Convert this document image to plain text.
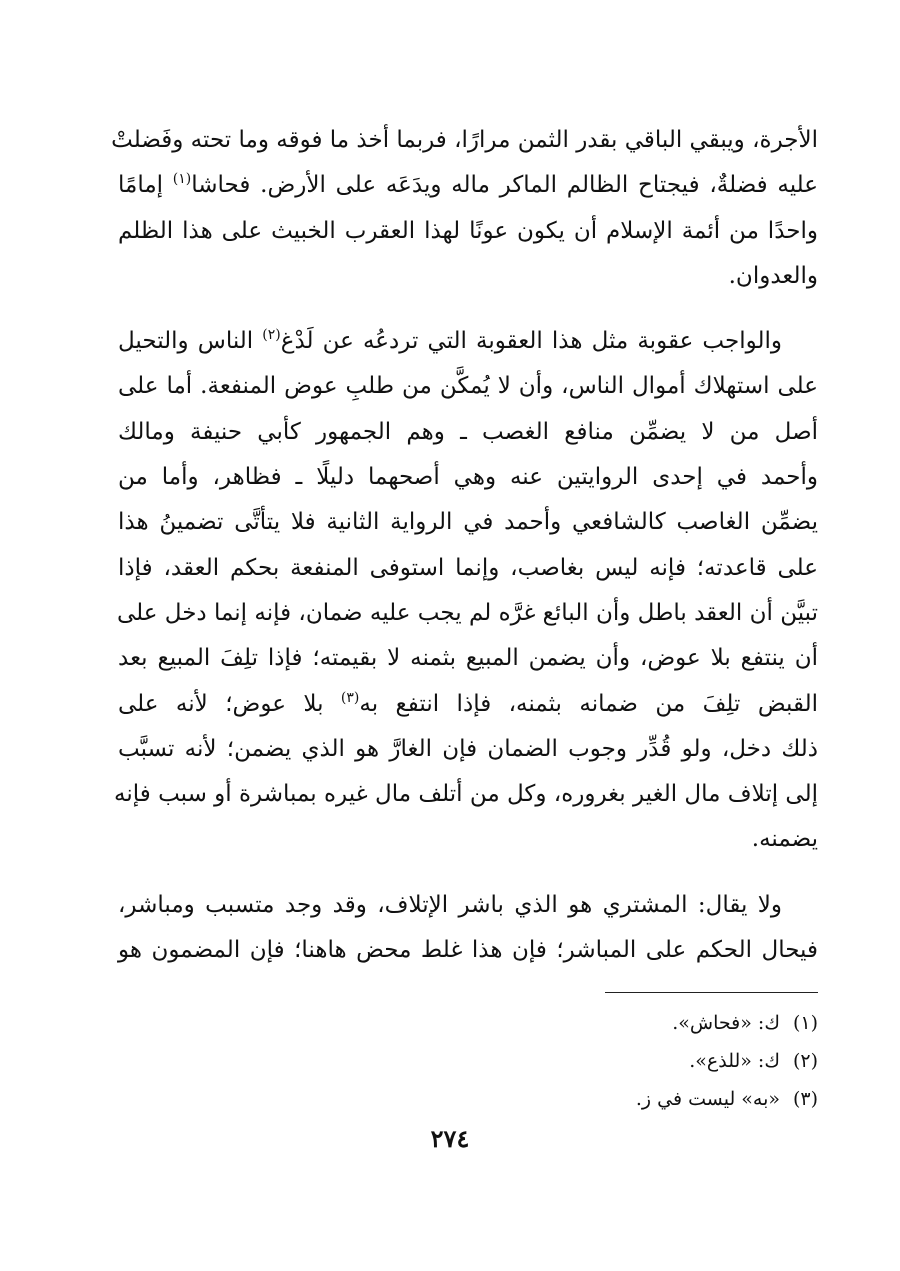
الأجرة، ويبقي الباقي بقدر الثمن مرارًا، فربما أخذ ما فوقه وما تحته وفَضلتْ
عليه فضلةٌ، فيجتاح الظالم الماكر ماله ويدَعَه على الأرض. فحاشا$^{(١)}$ إمامًا
واحدًا من أئمة الإسلام أن يكون عونًا لهذا العقرب الخبيث على هذا الظلم
والعدوان.

والواجب عقوبة مثل هذا العقوبة التي تردعُه عن لَدْغ$^{(٢)}$ الناس والتحيل
على استهلاك أموال الناس، وأن لا يُمكَّن من طلبِ عوض المنفعة. أما على
أصل من لا يضمِّن منافع الغصب ـ وهم الجمهور كأبي حنيفة ومالك
وأحمد في إحدى الروايتين عنه وهي أصحهما دليلًا ـ فظاهر، وأما من
يضمِّن الغاصب كالشافعي وأحمد في الرواية الثانية فلا يتأتَّى تضمينُ هذا
على قاعدته؛ فإنه ليس بغاصب، وإنما استوفى المنفعة بحكم العقد، فإذا
تبيَّن أن العقد باطل وأن البائع غرَّه لم يجب عليه ضمان، فإنه إنما دخل على
أن ينتفع بلا عوض، وأن يضمن المبيع بثمنه لا بقيمته؛ فإذا تلِفَ المبيع بعد
القبض تلِفَ من ضمانه بثمنه، فإذا انتفع به$^{(٣)}$ بلا عوض؛ لأنه على
ذلك دخل، ولو قُدِّر وجوب الضمان فإن الغارَّ هو الذي يضمن؛ لأنه تسبَّب
إلى إتلاف مال الغير بغروره، وكل من أتلف مال غيره بمباشرة أو سبب فإنه
يضمنه.

ولا يقال: المشتري هو الذي باشر الإتلاف، وقد وجد متسبب ومباشر،
فيحال الحكم على المباشر؛ فإن هذا غلط محض هاهنا؛ فإن المضمون هو

(١)ك: «فحاش».
(٢)ك: «للذع».
(٣)«به» ليست في ز.
٢٧٤
